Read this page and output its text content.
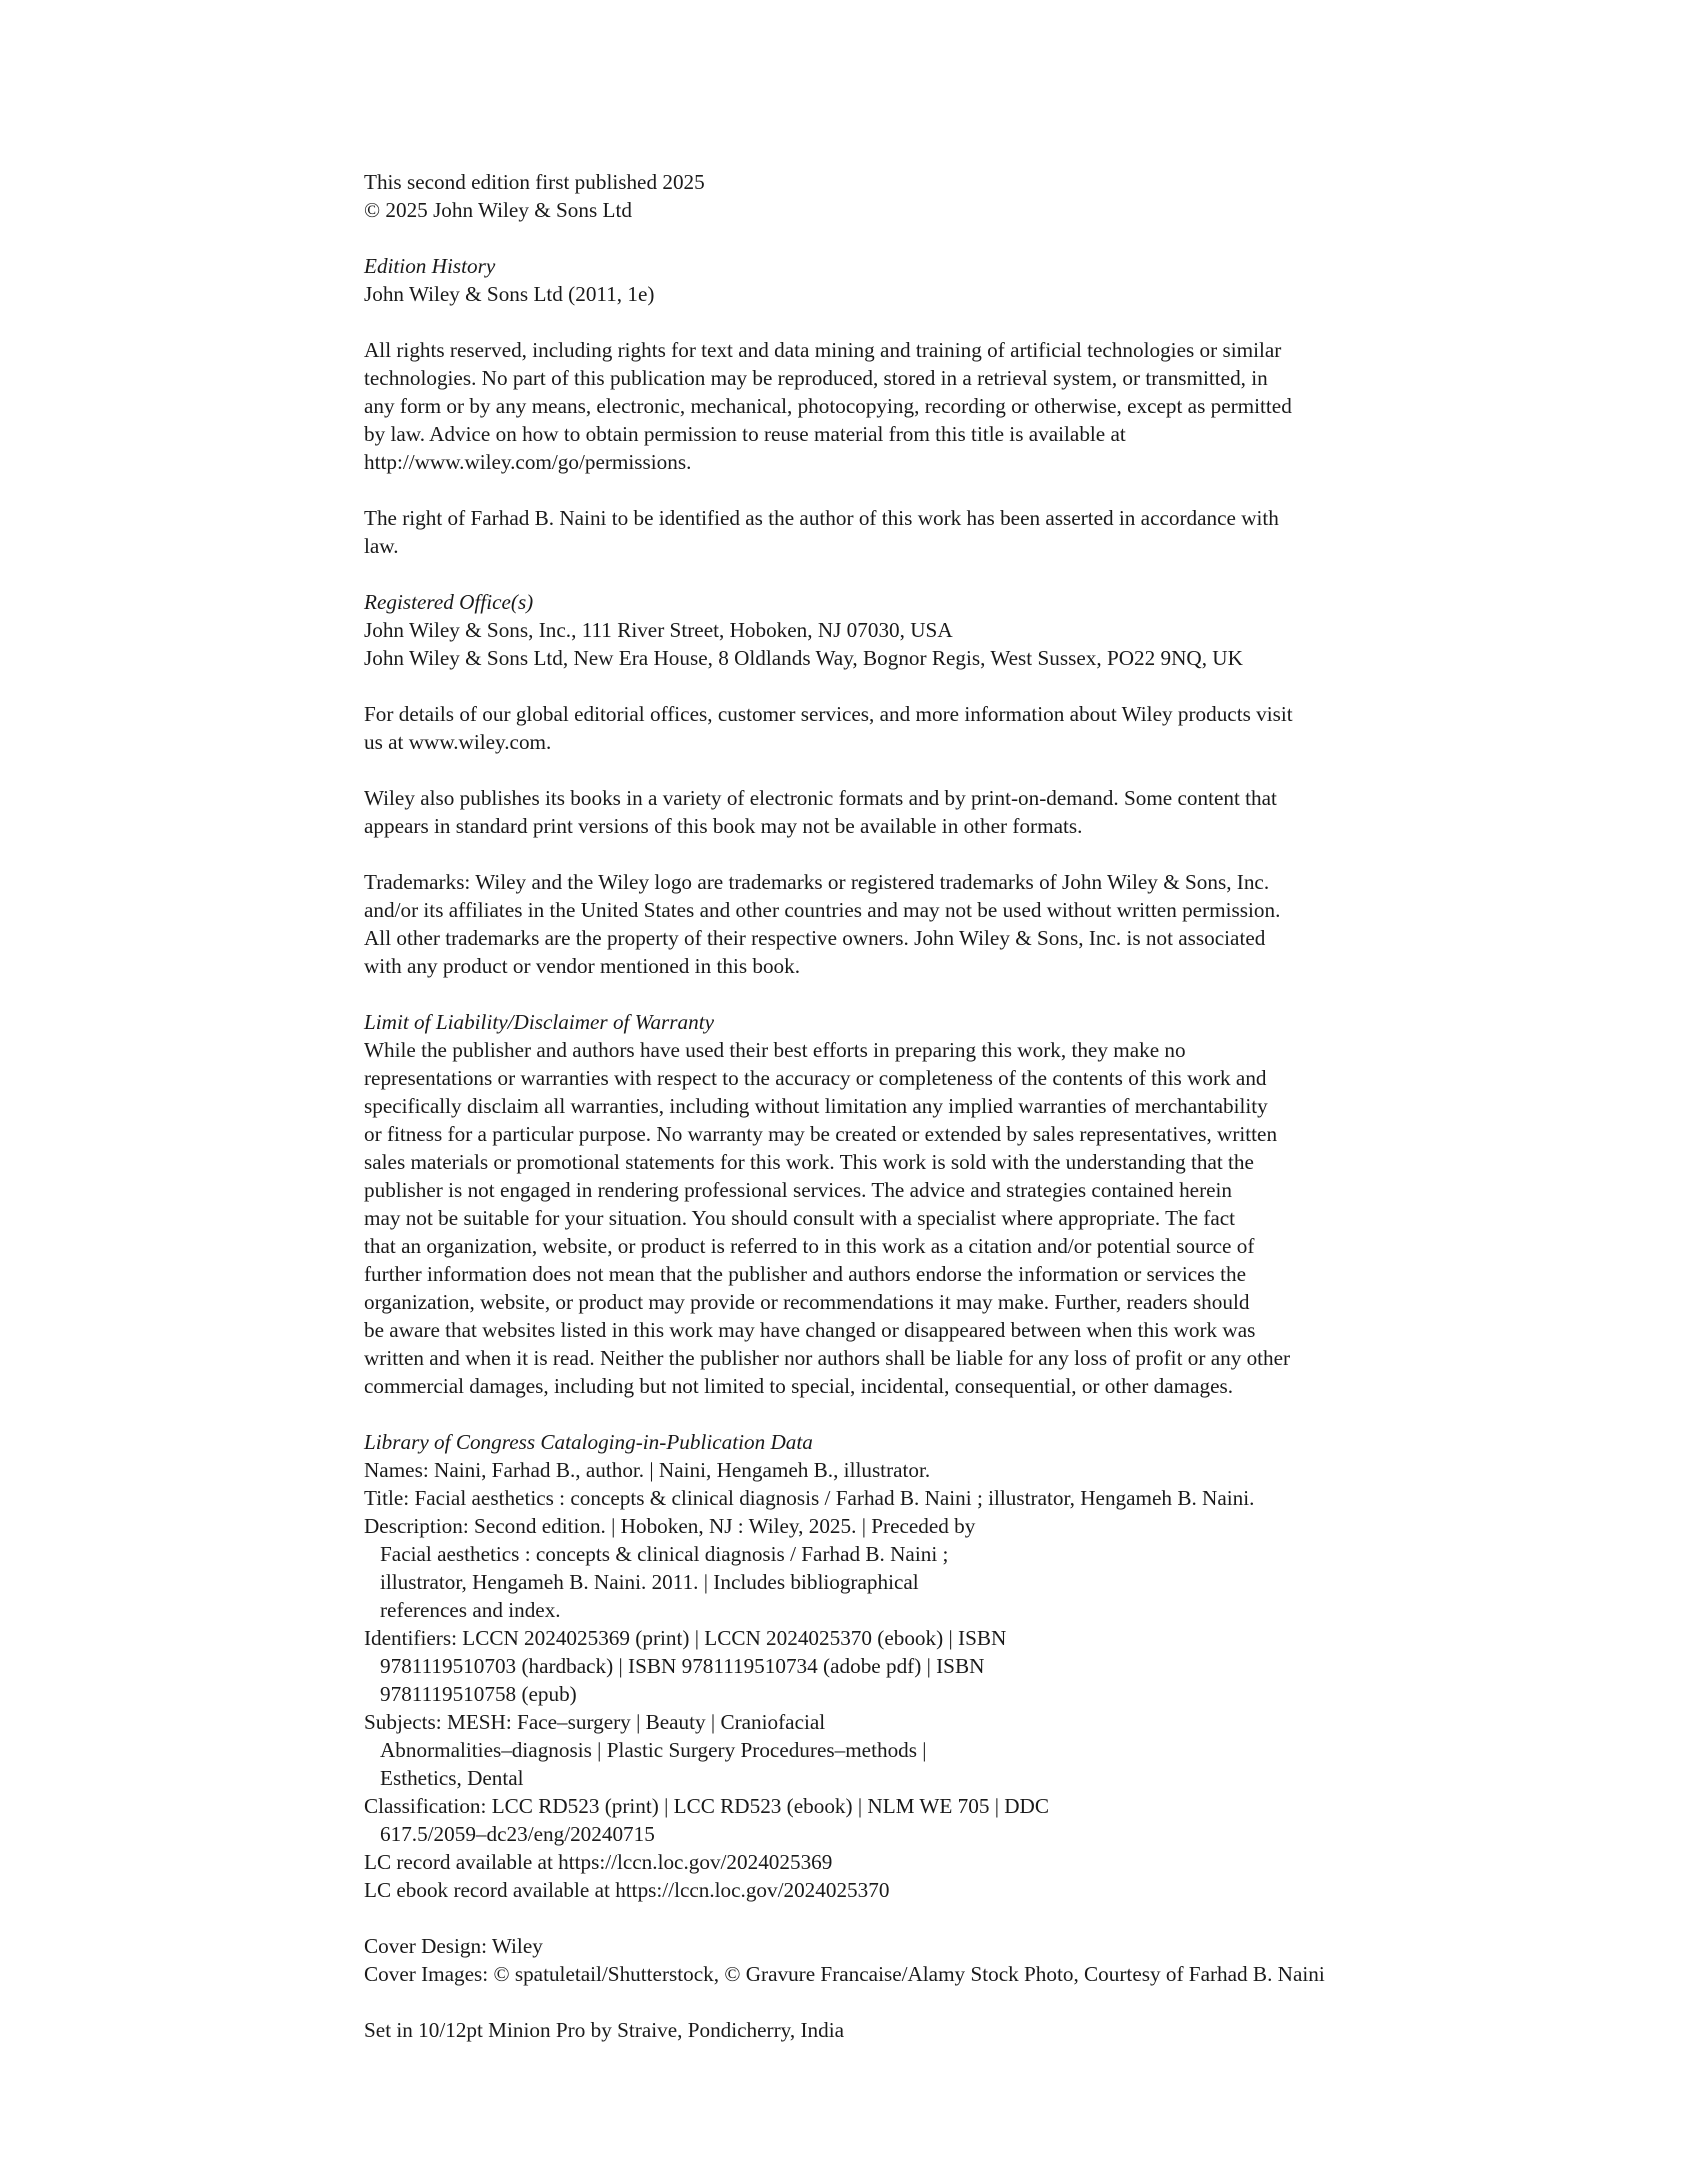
This second edition first published 2025
© 2025 John Wiley & Sons Ltd
Edition History
John Wiley & Sons Ltd (2011, 1e)
All rights reserved, including rights for text and data mining and training of artificial technologies or similar
technologies. No part of this publication may be reproduced, stored in a retrieval system, or transmitted, in
any form or by any means, electronic, mechanical, photocopying, recording or otherwise, except as permitted
by law. Advice on how to obtain permission to reuse material from this title is available at
http://www.wiley.com/go/permissions.
The right of Farhad B. Naini to be identified as the author of this work has been asserted in accordance with
law.
Registered Office(s)
John Wiley & Sons, Inc., 111 River Street, Hoboken, NJ 07030, USA
John Wiley & Sons Ltd, New Era House, 8 Oldlands Way, Bognor Regis, West Sussex, PO22 9NQ, UK
For details of our global editorial offices, customer services, and more information about Wiley products visit
us at www.wiley.com.
Wiley also publishes its books in a variety of electronic formats and by print-on-demand. Some content that
appears in standard print versions of this book may not be available in other formats.
Trademarks: Wiley and the Wiley logo are trademarks or registered trademarks of John Wiley & Sons, Inc.
and/or its affiliates in the United States and other countries and may not be used without written permission.
All other trademarks are the property of their respective owners. John Wiley & Sons, Inc. is not associated
with any product or vendor mentioned in this book.
Limit of Liability/Disclaimer of Warranty
While the publisher and authors have used their best efforts in preparing this work, they make no
representations or warranties with respect to the accuracy or completeness of the contents of this work and
specifically disclaim all warranties, including without limitation any implied warranties of merchantability
or fitness for a particular purpose. No warranty may be created or extended by sales representatives, written
sales materials or promotional statements for this work. This work is sold with the understanding that the
publisher is not engaged in rendering professional services. The advice and strategies contained herein
may not be suitable for your situation. You should consult with a specialist where appropriate. The fact
that an organization, website, or product is referred to in this work as a citation and/or potential source of
further information does not mean that the publisher and authors endorse the information or services the
organization, website, or product may provide or recommendations it may make. Further, readers should
be aware that websites listed in this work may have changed or disappeared between when this work was
written and when it is read. Neither the publisher nor authors shall be liable for any loss of profit or any other
commercial damages, including but not limited to special, incidental, consequential, or other damages.
Library of Congress Cataloging-in-Publication Data
Names: Naini, Farhad B., author. | Naini, Hengameh B., illustrator.
Title: Facial aesthetics : concepts & clinical diagnosis / Farhad B. Naini ; illustrator, Hengameh B. Naini.
Description: Second edition. | Hoboken, NJ : Wiley, 2025. | Preceded by
Facial aesthetics : concepts & clinical diagnosis / Farhad B. Naini ;
illustrator, Hengameh B. Naini. 2011. | Includes bibliographical
references and index.
Identifiers: LCCN 2024025369 (print) | LCCN 2024025370 (ebook) | ISBN
9781119510703 (hardback) | ISBN 9781119510734 (adobe pdf) | ISBN
9781119510758 (epub)
Subjects: MESH: Face–surgery | Beauty | Craniofacial
Abnormalities–diagnosis | Plastic Surgery Procedures–methods |
Esthetics, Dental
Classification: LCC RD523 (print) | LCC RD523 (ebook) | NLM WE 705 | DDC
617.5/2059–dc23/eng/20240715
LC record available at https://lccn.loc.gov/2024025369
LC ebook record available at https://lccn.loc.gov/2024025370
Cover Design: Wiley
Cover Images: © spatuletail/Shutterstock, © Gravure Francaise/Alamy Stock Photo, Courtesy of Farhad B. Naini
Set in 10/12pt Minion Pro by Straive, Pondicherry, India
